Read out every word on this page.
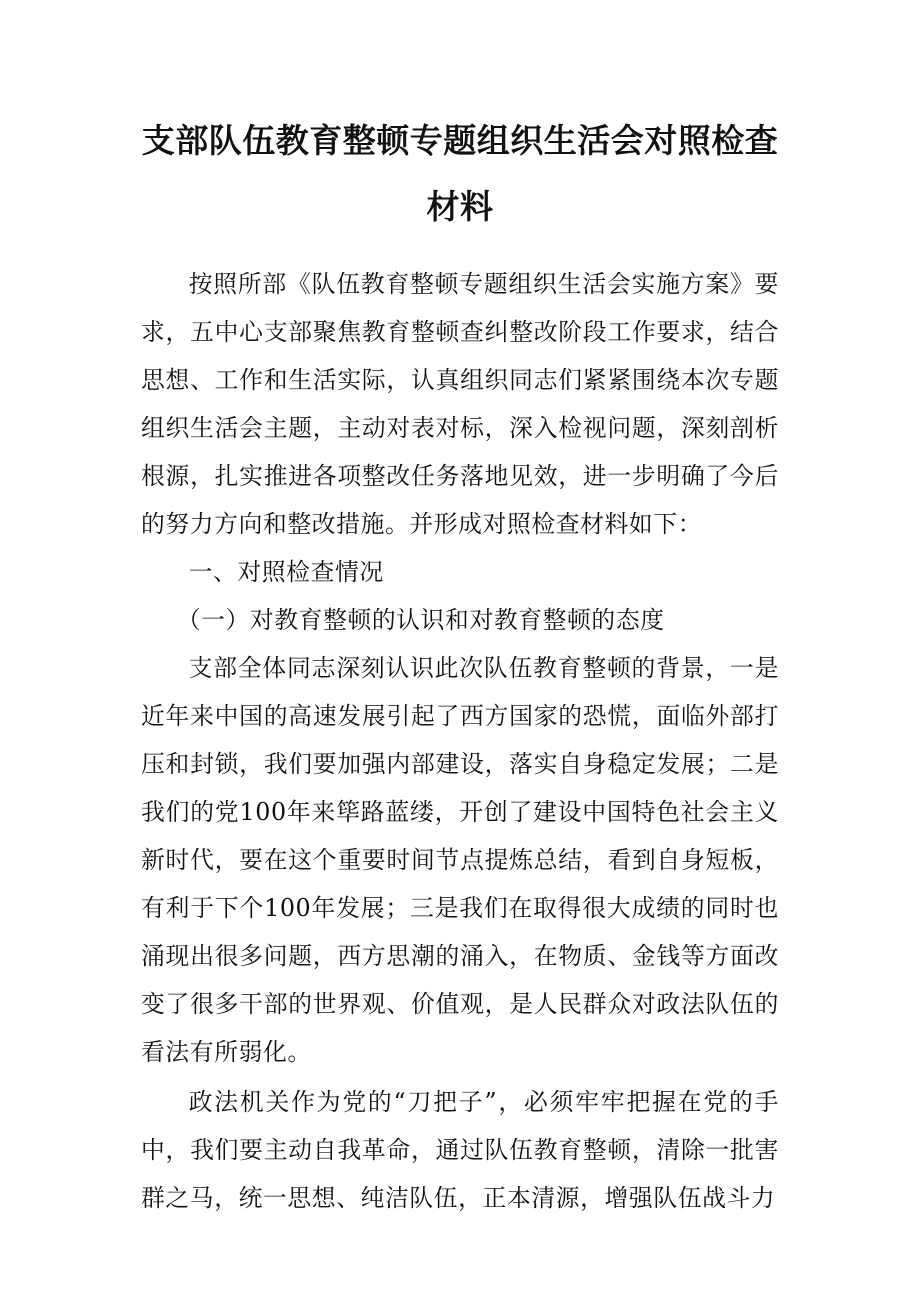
支部队伍教育整顿专题组织生活会对照检查
材料

按照所部《队伍教育整顿专题组织生活会实施方案》要求，五中心支部聚焦教育整顿查纠整改阶段工作要求，结合思想、工作和生活实际，认真组织同志们紧紧围绕本次专题组织生活会主题，主动对表对标，深入检视问题，深刻剖析根源，扎实推进各项整改任务落地见效，进一步明确了今后的努力方向和整改措施。并形成对照检查材料如下：

一、对照检查情况

（一）对教育整顿的认识和对教育整顿的态度

支部全体同志深刻认识此次队伍教育整顿的背景，一是近年来中国的高速发展引起了西方国家的恐慌，面临外部打压和封锁，我们要加强内部建设，落实自身稳定发展；二是我们的党100年来筚路蓝缕，开创了建设中国特色社会主义新时代，要在这个重要时间节点提炼总结，看到自身短板，有利于下个100年发展；三是我们在取得很大成绩的同时也涌现出很多问题，西方思潮的涌入，在物质、金钱等方面改变了很多干部的世界观、价值观，是人民群众对政法队伍的看法有所弱化。

政法机关作为党的“刀把子”，必须牢牢把握在党的手中，我们要主动自我革命，通过队伍教育整顿，清除一批害群之马，统一思想、纯洁队伍，正本清源，增强队伍战斗力
